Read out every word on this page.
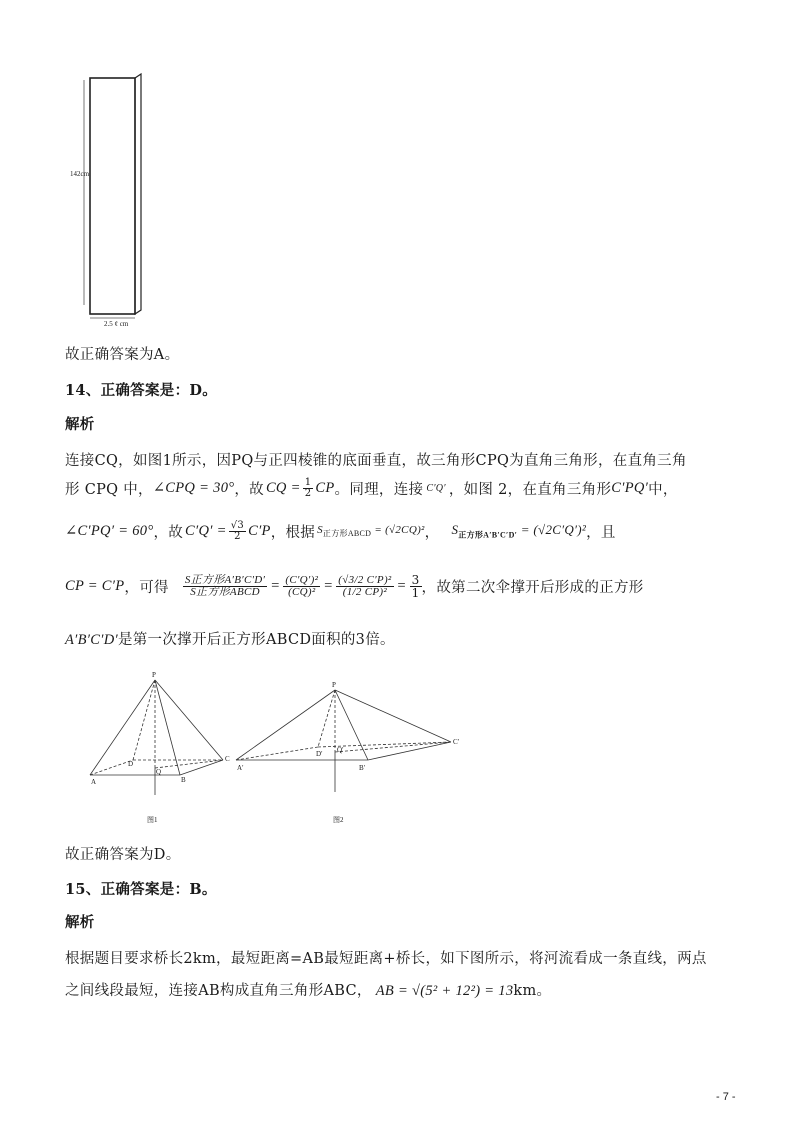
142cm
2.5 ¢ cm
故正确答案为A。
14、正确答案是：D。
解析
连接CQ，如图1所示，因PQ与正四棱锥的底面垂直，故三角形CPQ为直角三角形，在直角三角
形 CPQ 中， ∠CPQ = 30° ，故 CQ = $\frac{1}{2}$ CP 。同理，连接 C′Q′ ，如图 2，在直角三角形 C′PQ′ 中，
∠C′PQ′ = 60° ，故 $C'Q' = \frac{√3}{2} C'P$ ，根据 $S_{正方形ABCD} = (√2CQ)^2$ ， $S_{正方形A'B'C'D'} = (√2C'Q')^2$ ，且
CP = C′P ，可得 $\frac{\text{S正方形A′B′C′D′}}{\text{S正方形ABCD}} = \frac{\text{(C′Q′)²}}{\text{(CQ)²}} = \frac{\text{(√3/2 C′P)²}}{\text{(1/2 CP)²}} = \frac{3}{1}$ ，故第二次伞撑开后形成的正方形
A′B′C′D′是第一次撑开后正方形ABCD面积的3倍。
P
D
Q
C
A	B
图1
P
D′ Q′
C′
A′	B′
图2
故正确答案为D。
15、正确答案是：B。
解析
根据题目要求桥长2km，最短距离=AB最短距离+桥长，如下图所示，将河流看成一条直线，两点
之间线段最短，连接AB构成直角三角形ABC， AB = √(5² + 12²) = 13km。
- 7 -
